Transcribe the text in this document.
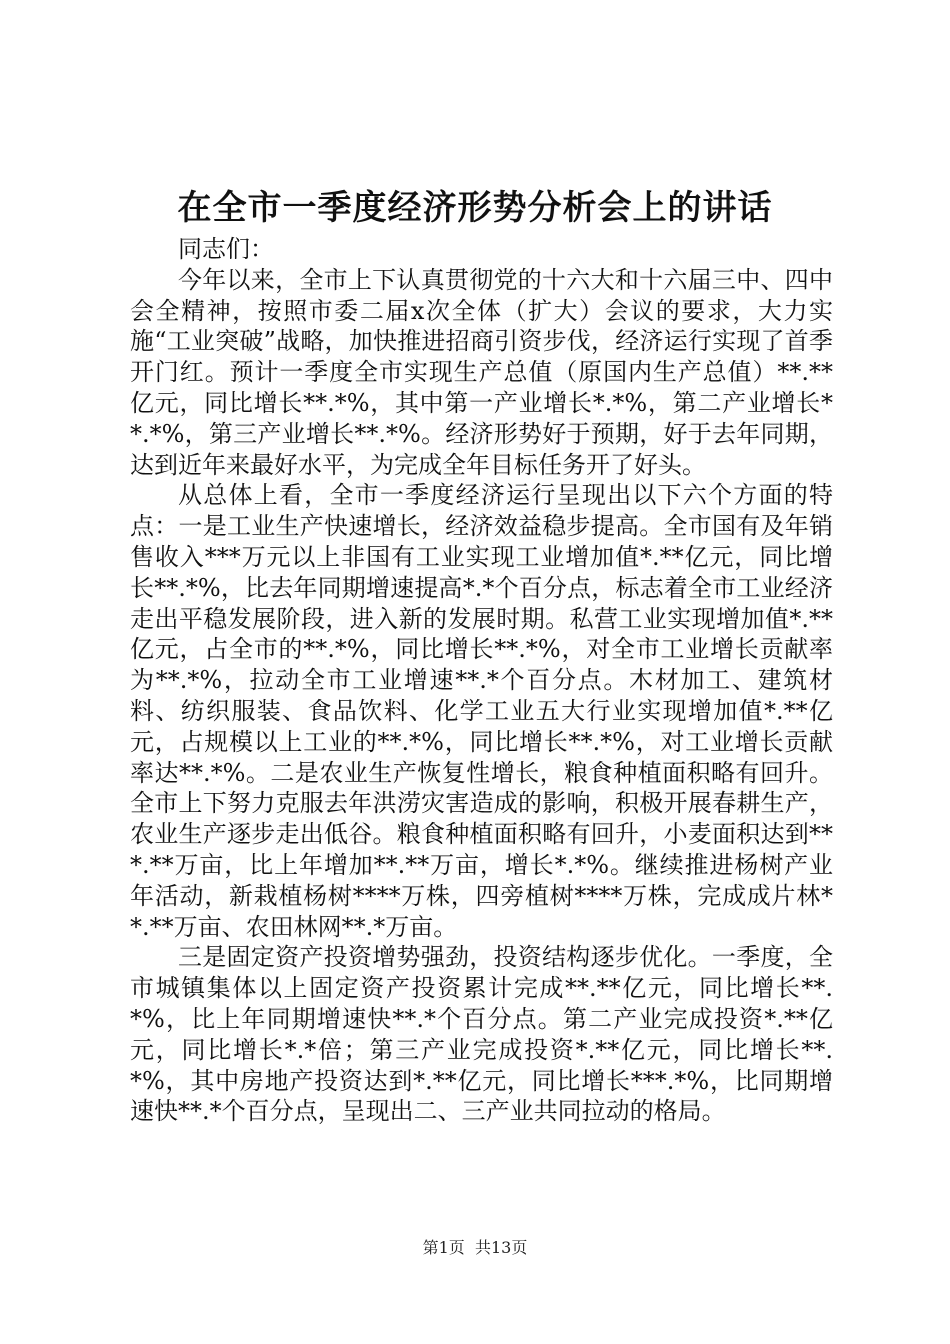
在全市一季度经济形势分析会上的讲话

同志们：

今年以来，全市上下认真贯彻党的十六大和十六届三中、四中会全精神，按照市委二届x次全体（扩大）会议的要求，大力实施“工业突破”战略，加快推进招商引资步伐，经济运行实现了首季开门红。预计一季度全市实现生产总值（原国内生产总值）**.**亿元，同比增长**.*%，其中第一产业增长*.*%，第二产业增长**.*%，第三产业增长**.*%。经济形势好于预期，好于去年同期，达到近年来最好水平，为完成全年目标任务开了好头。

从总体上看，全市一季度经济运行呈现出以下六个方面的特点：一是工业生产快速增长，经济效益稳步提高。全市国有及年销售收入***万元以上非国有工业实现工业增加值*.**亿元，同比增长**.*%，比去年同期增速提高*.*个百分点，标志着全市工业经济走出平稳发展阶段，进入新的发展时期。私营工业实现增加值*.**亿元，占全市的**.*%，同比增长**.*%，对全市工业增长贡献率为**.*%，拉动全市工业增速**.*个百分点。木材加工、建筑材料、纺织服装、食品饮料、化学工业五大行业实现增加值*.**亿元，占规模以上工业的**.*%，同比增长**.*%，对工业增长贡献率达**.*%。二是农业生产恢复性增长，粮食种植面积略有回升。全市上下努力克服去年洪涝灾害造成的影响，积极开展春耕生产，农业生产逐步走出低谷。粮食种植面积略有回升，小麦面积达到***.**万亩，比上年增加**.**万亩，增长*.*%。继续推进杨树产业年活动，新栽植杨树****万株，四旁植树****万株，完成成片林**.**万亩、农田林网**.*万亩。

三是固定资产投资增势强劲，投资结构逐步优化。一季度，全市城镇集体以上固定资产投资累计完成**.**亿元，同比增长**.*%，比上年同期增速快**.*个百分点。第二产业完成投资*.**亿元，同比增长*.*倍；第三产业完成投资*.**亿元，同比增长**.*%，其中房地产投资达到*.**亿元，同比增长***.*%，比同期增速快**.*个百分点，呈现出二、三产业共同拉动的格局。

第1页 共13页
